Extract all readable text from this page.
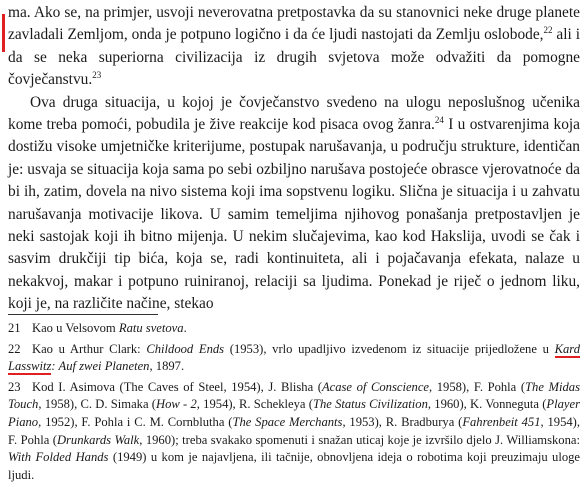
ma. Ako se, na primjer, usvoji neverovatna pretpostavka da su stanovnici neke druge planete zavladali Zemljom, onda je potpuno logično i da će ljudi nastojati da Zemlju oslobode,$^{22}$ ali i da se neka superiorna civilizacija iz drugih svjetova može odvažiti da pomogne čovječanstvu.$^{23}$

Ova druga situacija, u kojoj je čovječanstvo svedeno na ulogu neposlušnog učenika kome treba pomoći, pobudila je žive reakcije kod pisaca ovog žanra.$^{24}$ I u ostvarenjima koja dostižu visoke umjetničke kriterijume, postupak narušavanja, u području strukture, identičan je: usvaja se situacija koja sama po sebi ozbiljno narušava postojeće obrasce vjerovatnoće da bi ih, zatim, dovela na nivo sistema koji ima sopstvenu logiku. Slična je situacija i u zahvatu narušavanja motivacije likova. U samim temeljima njihovog ponašanja pretpostavljen je neki sastojak koji ih bitno mijenja. U nekim slučajevima, kao kod Hakslija, uvodi se čak i sasvim drukčiji tip bića, koja se, radi kontinuiteta, ali i pojačavanja efekata, nalaze u nekakvoj, makar i potpuno ruiniranoj, relaciji sa ljudima. Ponekad je riječ o jednom liku, koji je, na različite načine, stekao

21 Kao u Velsovom Ratu svetova.

22 Kao u Arthur Clark: Childood Ends (1953), vrlo upadljivo izvedenom iz situacije prijedložene u Kard Lasswitz: Auf zwei Planeten, 1897.

23 Kod I. Asimova (The Caves of Steel, 1954), J. Blisha (Acase of Conscience, 1958), F. Pohla (The Midas Touch, 1958), C. D. Simaka (How - 2, 1954), R. Schekleya (The Status Civilization, 1960), K. Vonneguta (Player Piano, 1952), F. Pohla i C. M. Cornblutha (The Space Merchants, 1953), R. Bradburya (Fahrenbeit 451, 1954), F. Pohla (Drunkards Walk, 1960); treba svakako spomenuti i snažan uticaj koje je izvršilo djelo J. Williamskona: With Folded Hands (1949) u kom je najavljena, ili tačnije, obnovljena ideja o robotima koji preuzimaju uloge ljudi.
